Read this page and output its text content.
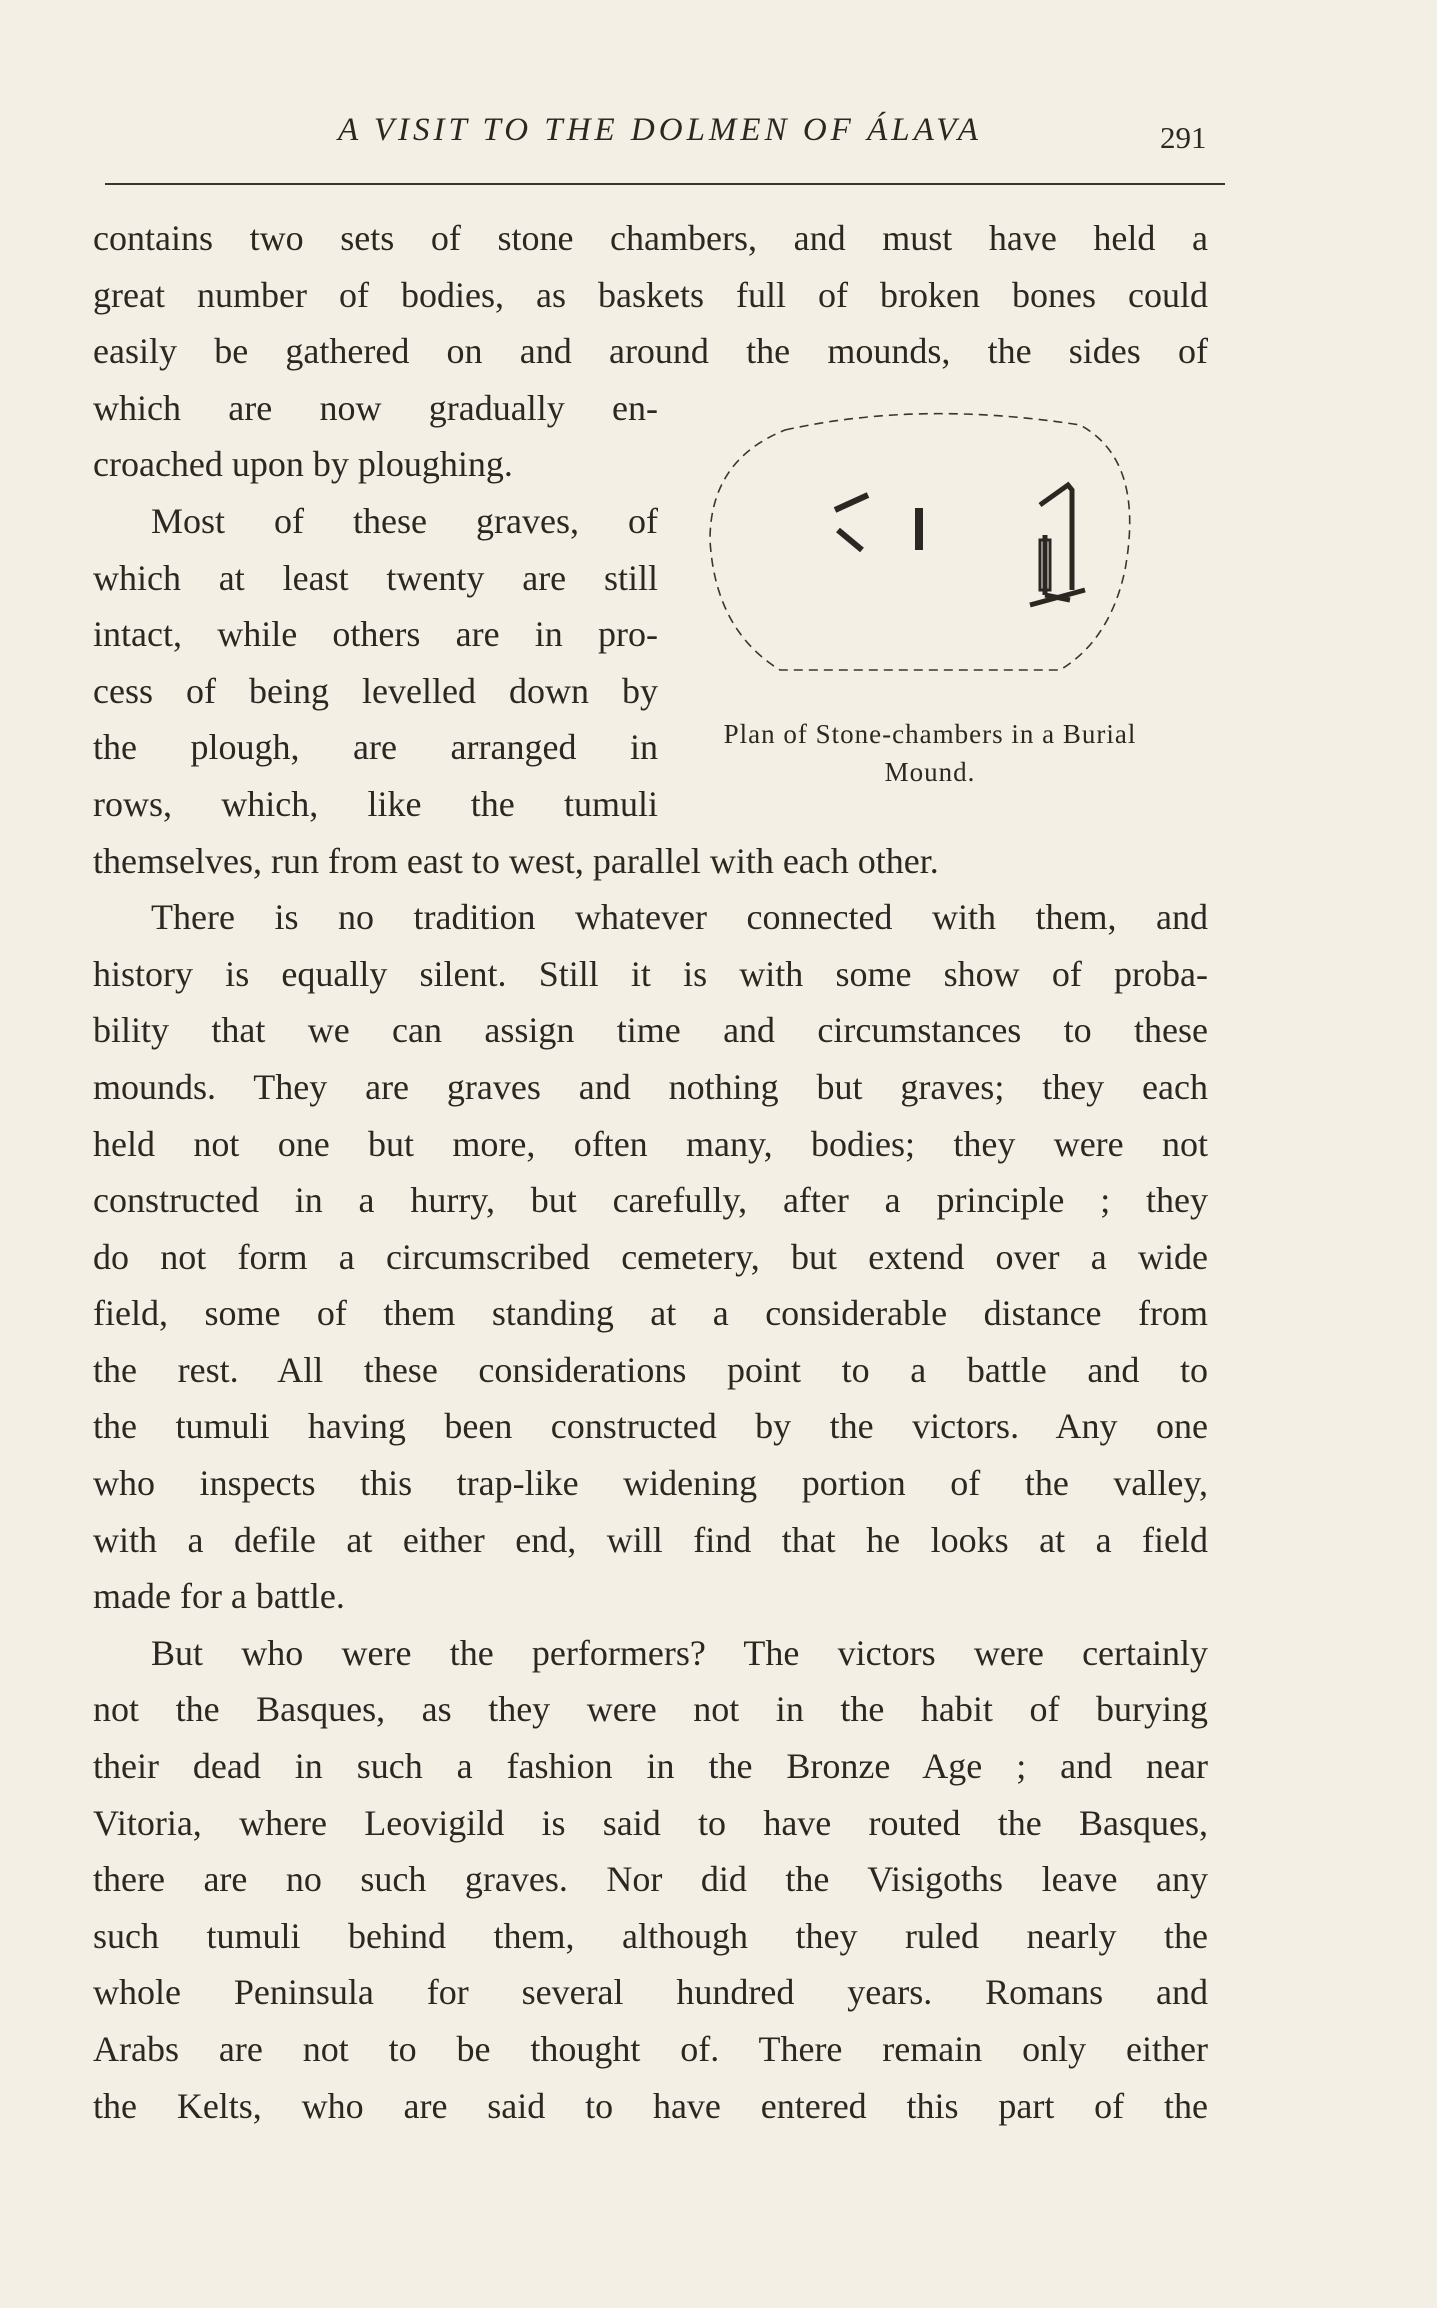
A VISIT TO THE DOLMEN OF ÁLAVA	291
contains two sets of stone chambers, and must have held a
great number of bodies, as baskets full of broken bones could
easily be gathered on and around the mounds, the sides of
which are now gradually en-
croached upon by ploughing.
Most of these graves, of
which at least twenty are still
intact, while others are in pro-
cess of being levelled down by
the plough, are arranged in
rows, which, like the tumuli
themselves, run from east to west, parallel with each other.
There is no tradition whatever connected with them, and
history is equally silent. Still it is with some show of proba-
bility that we can assign time and circumstances to these
mounds. They are graves and nothing but graves; they each
held not one but more, often many, bodies; they were not
constructed in a hurry, but carefully, after a principle ; they
do not form a circumscribed cemetery, but extend over a wide
field, some of them standing at a considerable distance from
the rest. All these considerations point to a battle and to
the tumuli having been constructed by the victors. Any one
who inspects this trap-like widening portion of the valley,
with a defile at either end, will find that he looks at a field
made for a battle.
But who were the performers? The victors were certainly
not the Basques, as they were not in the habit of burying
their dead in such a fashion in the Bronze Age ; and near
Vitoria, where Leovigild is said to have routed the Basques,
there are no such graves. Nor did the Visigoths leave any
such tumuli behind them, although they ruled nearly the
whole Peninsula for several hundred years. Romans and
Arabs are not to be thought of. There remain only either
the Kelts, who are said to have entered this part of the
Plan of Stone-chambers in a Burial Mound.
